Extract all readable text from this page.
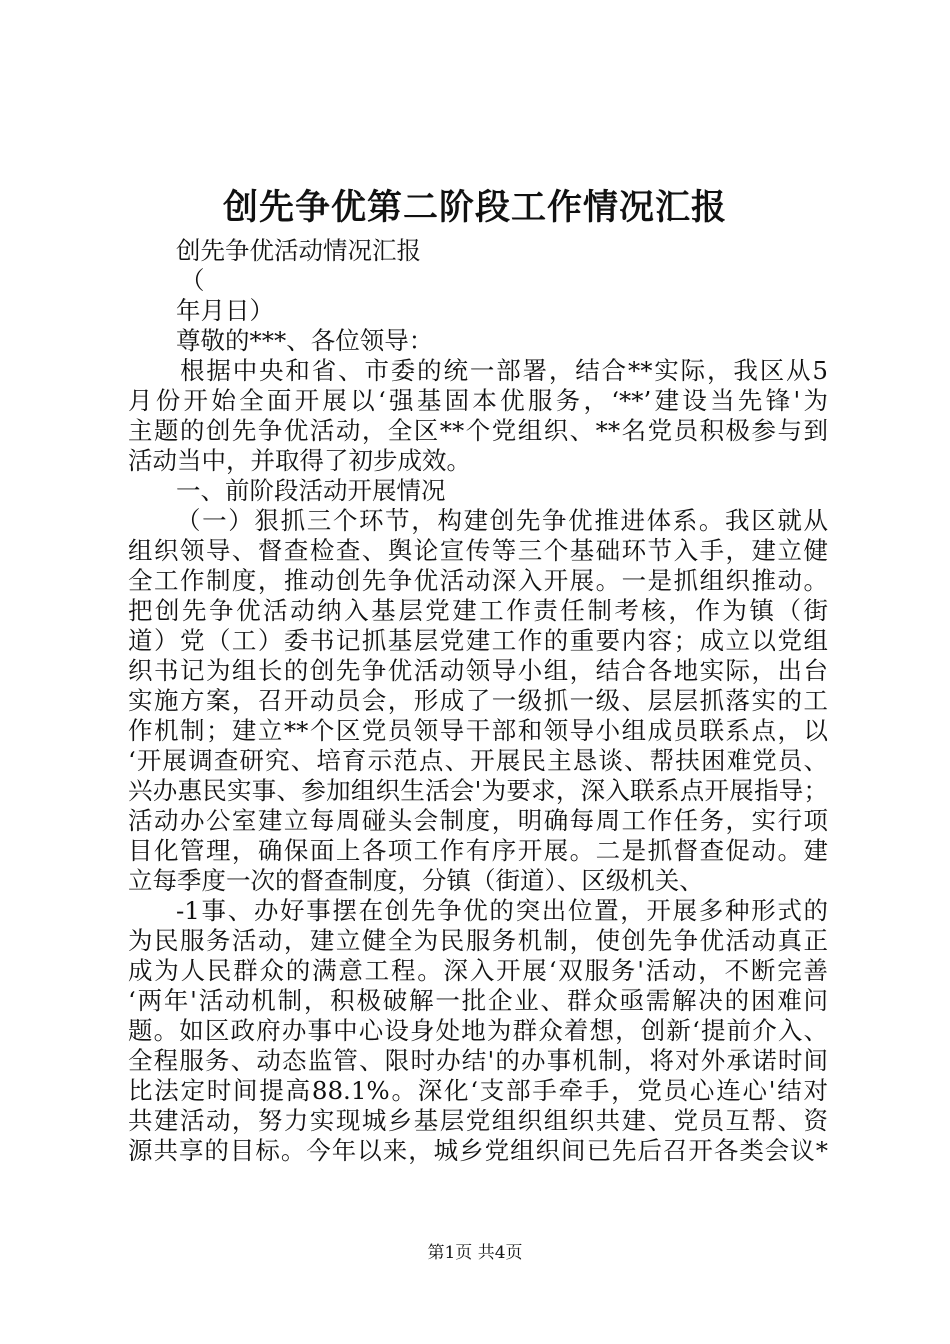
创先争优第二阶段工作情况汇报
创先争优活动情况汇报
（
年月日）
尊敬的***、各位领导：
根据中央和省、市委的统一部署，结合**实际，我区从5
月份开始全面开展以‘强基固本优服务，‘**’建设当先锋'为
主题的创先争优活动，全区**个党组织、**名党员积极参与到
活动当中，并取得了初步成效。
一、前阶段活动开展情况
（一）狠抓三个环节，构建创先争优推进体系。我区就从
组织领导、督查检查、舆论宣传等三个基础环节入手，建立健
全工作制度，推动创先争优活动深入开展。一是抓组织推动。
把创先争优活动纳入基层党建工作责任制考核，作为镇（街
道）党（工）委书记抓基层党建工作的重要内容；成立以党组
织书记为组长的创先争优活动领导小组，结合各地实际，出台
实施方案，召开动员会，形成了一级抓一级、层层抓落实的工
作机制；建立**个区党员领导干部和领导小组成员联系点，以
‘开展调查研究、培育示范点、开展民主恳谈、帮扶困难党员、
兴办惠民实事、参加组织生活会'为要求，深入联系点开展指导；
活动办公室建立每周碰头会制度，明确每周工作任务，实行项
目化管理，确保面上各项工作有序开展。二是抓督查促动。建
立每季度一次的督查制度，分镇（街道）、区级机关、
-1事、办好事摆在创先争优的突出位置，开展多种形式的
为民服务活动，建立健全为民服务机制，使创先争优活动真正
成为人民群众的满意工程。深入开展‘双服务'活动，不断完善
‘两年'活动机制，积极破解一批企业、群众亟需解决的困难问
题。如区政府办事中心设身处地为群众着想，创新‘提前介入、
全程服务、动态监管、限时办结'的办事机制，将对外承诺时间
比法定时间提高88.1%。深化‘支部手牵手，党员心连心'结对
共建活动，努力实现城乡基层党组织组织共建、党员互帮、资
源共享的目标。今年以来，城乡党组织间已先后召开各类会议*
第1页 共4页
